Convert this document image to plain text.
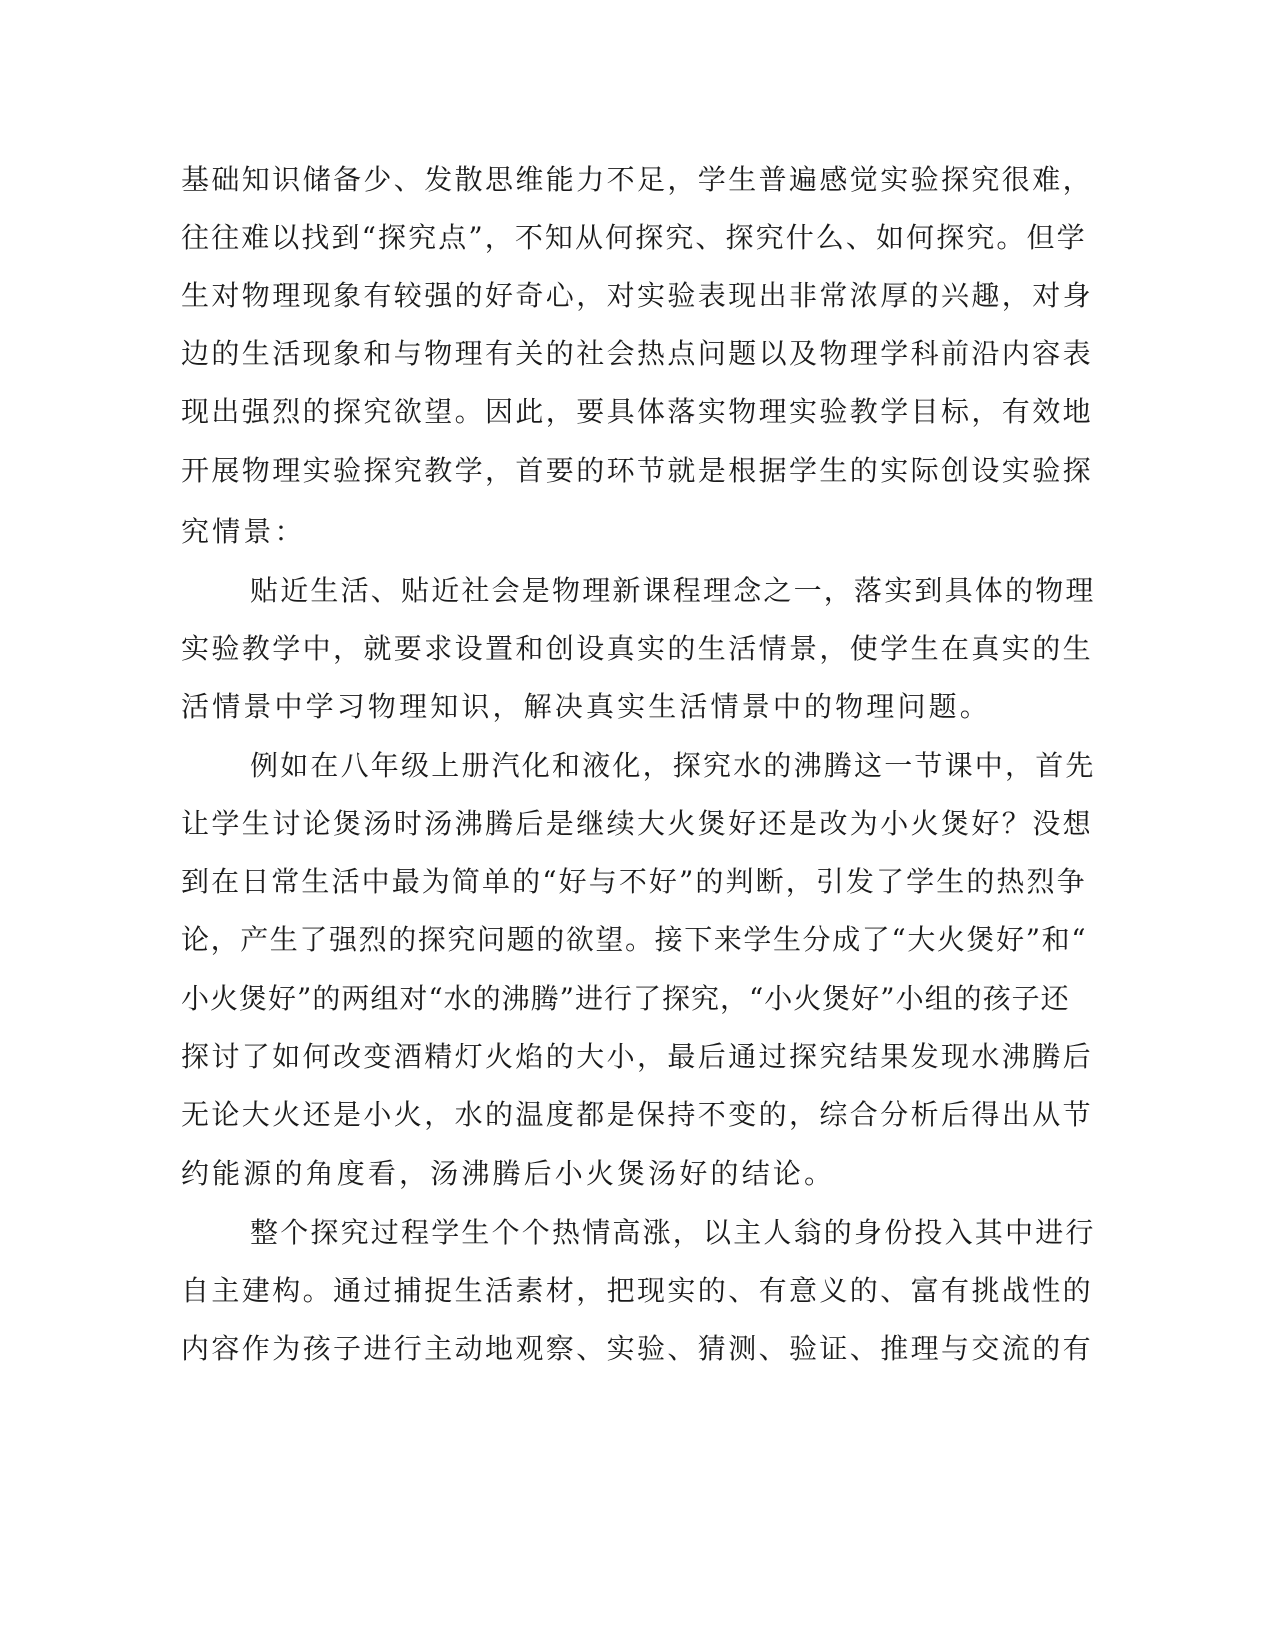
基础知识储备少、发散思维能力不足，学生普遍感觉实验探究很难，
往往难以找到“探究点”，不知从何探究、探究什么、如何探究。但学
生对物理现象有较强的好奇心，对实验表现出非常浓厚的兴趣，对身
边的生活现象和与物理有关的社会热点问题以及物理学科前沿内容表
现出强烈的探究欲望。因此，要具体落实物理实验教学目标，有效地
开展物理实验探究教学，首要的环节就是根据学生的实际创设实验探
究情景：
贴近生活、贴近社会是物理新课程理念之一，落实到具体的物理
实验教学中，就要求设置和创设真实的生活情景，使学生在真实的生
活情景中学习物理知识，解决真实生活情景中的物理问题。
例如在八年级上册汽化和液化，探究水的沸腾这一节课中，首先
让学生讨论煲汤时汤沸腾后是继续大火煲好还是改为小火煲好？没想
到在日常生活中最为简单的“好与不好”的判断，引发了学生的热烈争
论，产生了强烈的探究问题的欲望。接下来学生分成了“大火煲好”和“
小火煲好”的两组对“水的沸腾”进行了探究，“小火煲好”小组的孩子还
探讨了如何改变酒精灯火焰的大小，最后通过探究结果发现水沸腾后
无论大火还是小火，水的温度都是保持不变的，综合分析后得出从节
约能源的角度看，汤沸腾后小火煲汤好的结论。
整个探究过程学生个个热情高涨，以主人翁的身份投入其中进行
自主建构。通过捕捉生活素材，把现实的、有意义的、富有挑战性的
内容作为孩子进行主动地观察、实验、猜测、验证、推理与交流的有
